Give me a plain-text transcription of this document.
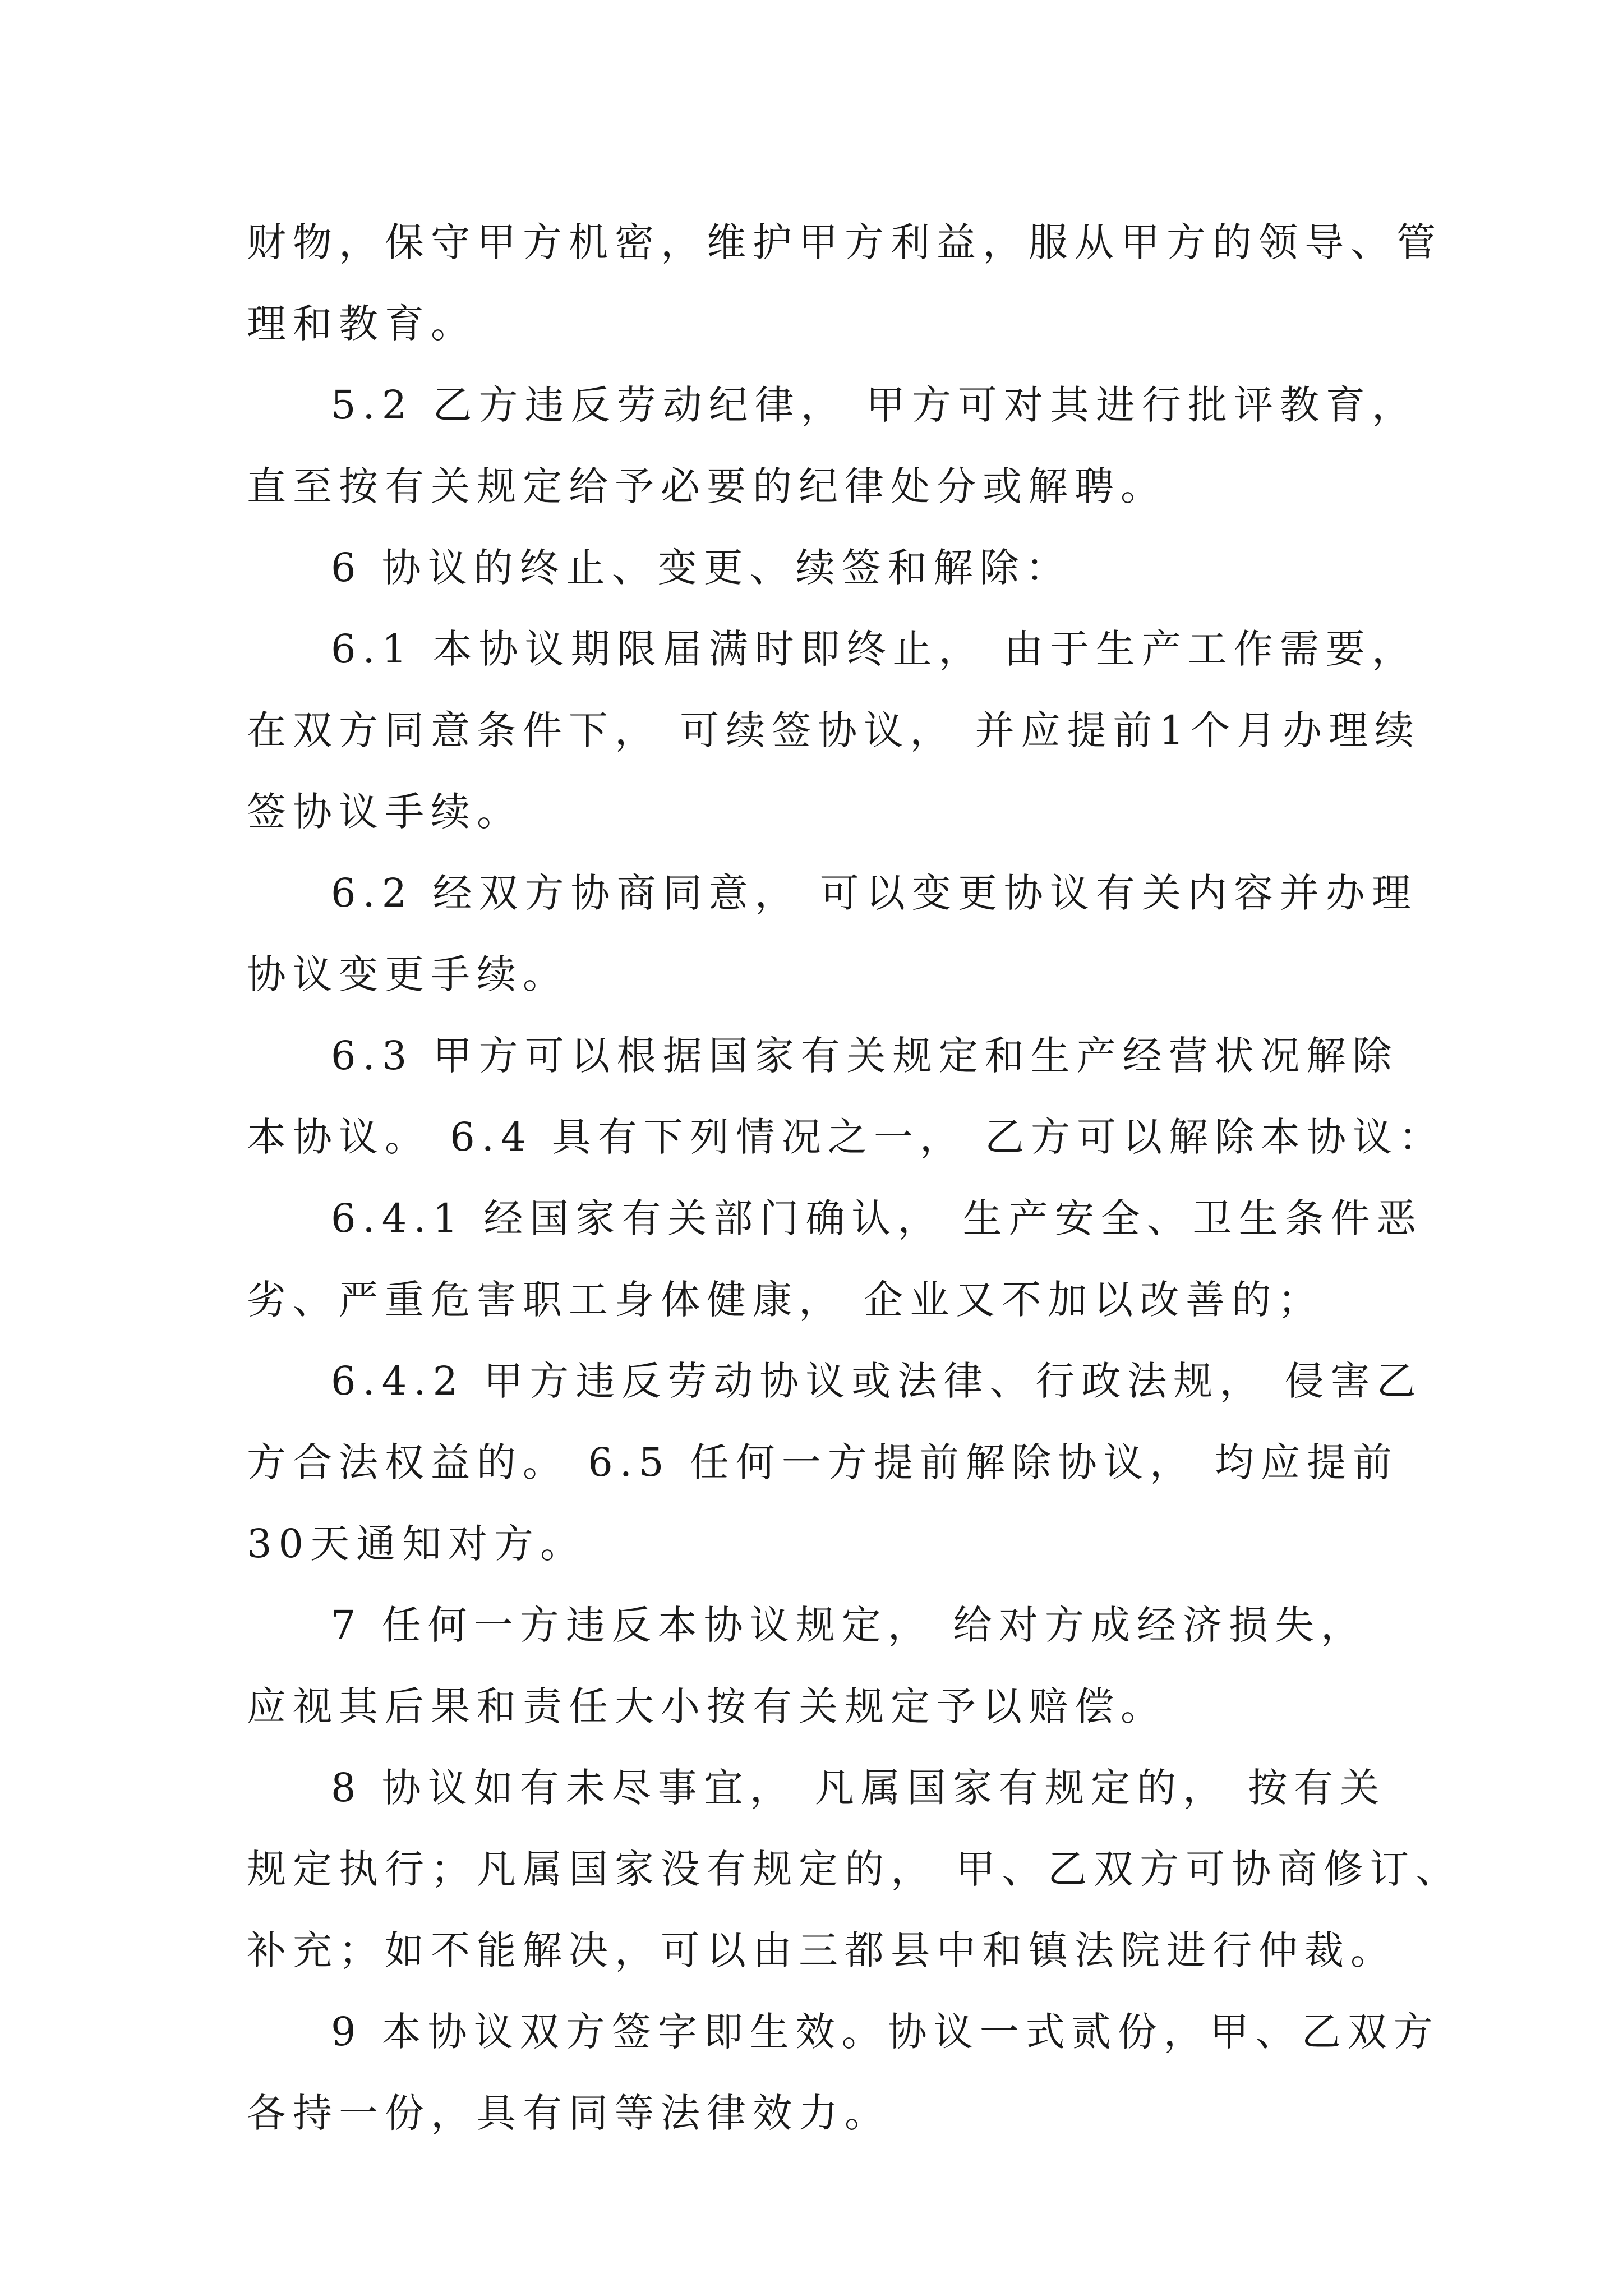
财物，保守甲方机密，维护甲方利益，服从甲方的领导、管
理和教育。
5.2 乙方违反劳动纪律， 甲方可对其进行批评教育，
直至按有关规定给予必要的纪律处分或解聘。
6 协议的终止、变更、续签和解除：
6.1 本协议期限届满时即终止， 由于生产工作需要，
在双方同意条件下， 可续签协议， 并应提前1个月办理续
签协议手续。
6.2 经双方协商同意， 可以变更协议有关内容并办理
协议变更手续。
6.3 甲方可以根据国家有关规定和生产经营状况解除
本协议。 6.4 具有下列情况之一， 乙方可以解除本协议：
6.4.1 经国家有关部门确认， 生产安全、卫生条件恶
劣、严重危害职工身体健康， 企业又不加以改善的；
6.4.2 甲方违反劳动协议或法律、行政法规， 侵害乙
方合法权益的。 6.5 任何一方提前解除协议， 均应提前
30天通知对方。
7 任何一方违反本协议规定， 给对方成经济损失，
应视其后果和责任大小按有关规定予以赔偿。
8 协议如有未尽事宜， 凡属国家有规定的， 按有关
规定执行；凡属国家没有规定的， 甲、乙双方可协商修订、
补充；如不能解决，可以由三都县中和镇法院进行仲裁。
9 本协议双方签字即生效。协议一式贰份，甲、乙双方
各持一份，具有同等法律效力。
